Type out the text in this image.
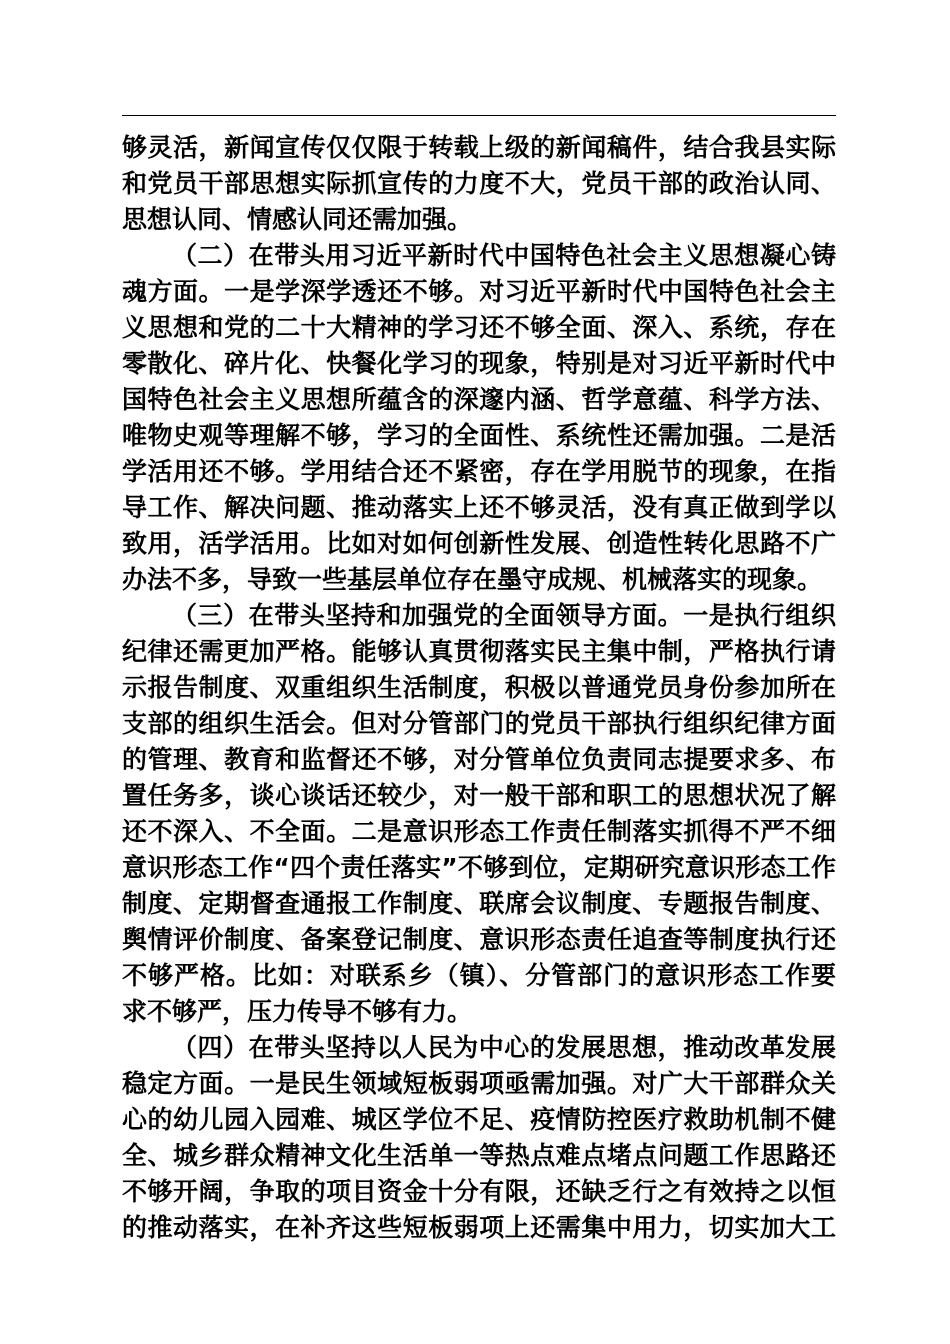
够灵活，新闻宣传仅仅限于转载上级的新闻稿件，结合我县实际
和党员干部思想实际抓宣传的力度不大，党员干部的政治认同、
思想认同、情感认同还需加强。
（二）在带头用习近平新时代中国特色社会主义思想凝心铸
魂方面。一是学深学透还不够。对习近平新时代中国特色社会主
义思想和党的二十大精神的学习还不够全面、深入、系统，存在
零散化、碎片化、快餐化学习的现象，特别是对习近平新时代中
国特色社会主义思想所蕴含的深邃内涵、哲学意蕴、科学方法、
唯物史观等理解不够，学习的全面性、系统性还需加强。二是活
学活用还不够。学用结合还不紧密，存在学用脱节的现象，在指
导工作、解决问题、推动落实上还不够灵活，没有真正做到学以
致用，活学活用。比如对如何创新性发展、创造性转化思路不广
办法不多，导致一些基层单位存在墨守成规、机械落实的现象。
（三）在带头坚持和加强党的全面领导方面。一是执行组织
纪律还需更加严格。能够认真贯彻落实民主集中制，严格执行请
示报告制度、双重组织生活制度，积极以普通党员身份参加所在
支部的组织生活会。但对分管部门的党员干部执行组织纪律方面
的管理、教育和监督还不够，对分管单位负责同志提要求多、布
置任务多，谈心谈话还较少，对一般干部和职工的思想状况了解
还不深入、不全面。二是意识形态工作责任制落实抓得不严不细
意识形态工作“四个责任落实”不够到位，定期研究意识形态工作
制度、定期督查通报工作制度、联席会议制度、专题报告制度、
舆情评价制度、备案登记制度、意识形态责任追查等制度执行还
不够严格。比如：对联系乡（镇）、分管部门的意识形态工作要
求不够严，压力传导不够有力。
（四）在带头坚持以人民为中心的发展思想，推动改革发展
稳定方面。一是民生领域短板弱项亟需加强。对广大干部群众关
心的幼儿园入园难、城区学位不足、疫情防控医疗救助机制不健
全、城乡群众精神文化生活单一等热点难点堵点问题工作思路还
不够开阔，争取的项目资金十分有限，还缺乏行之有效持之以恒
的推动落实，在补齐这些短板弱项上还需集中用力，切实加大工
